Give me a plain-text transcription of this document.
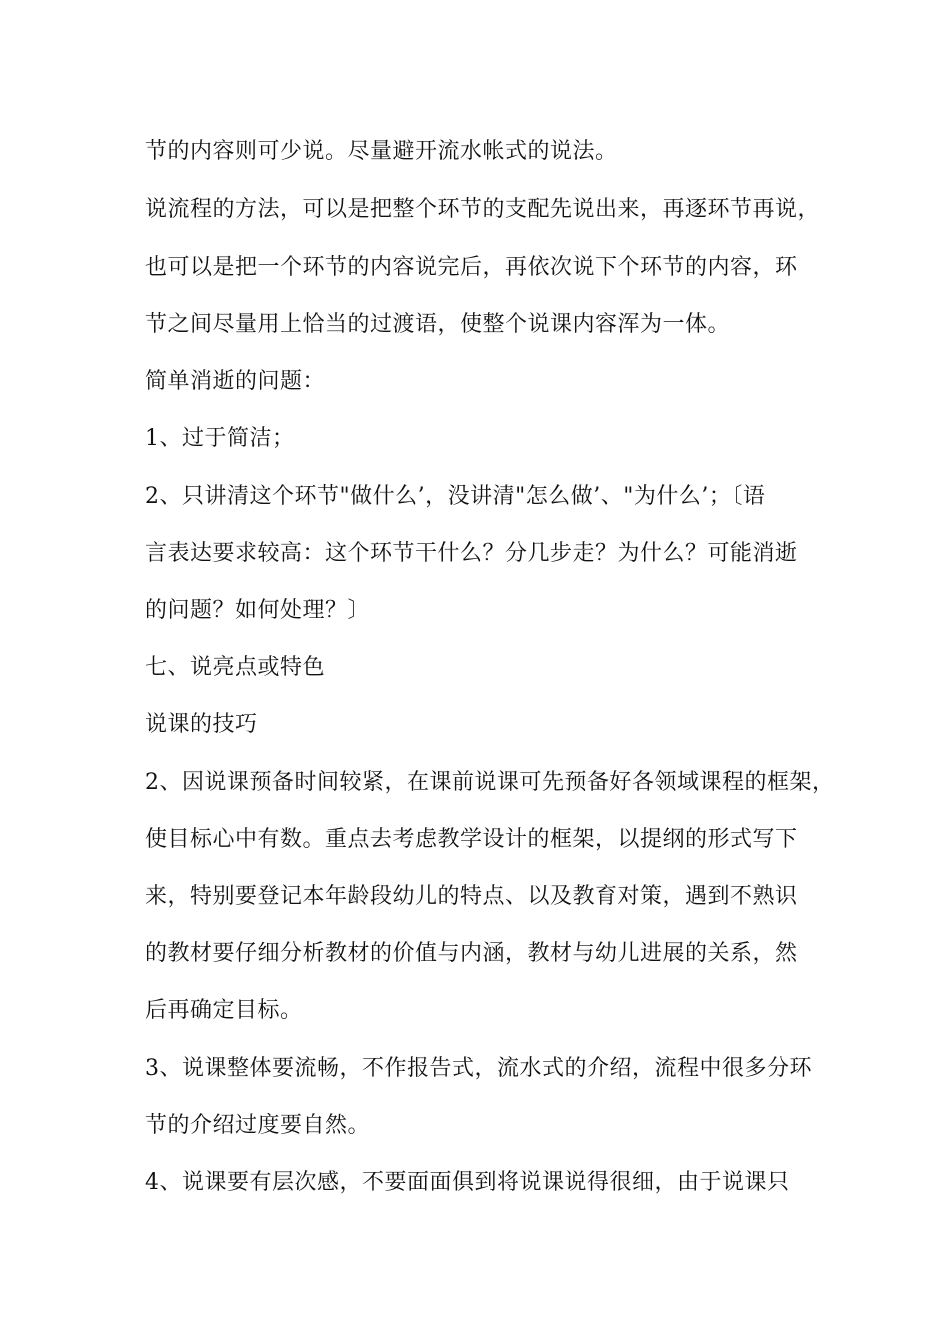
节的内容则可少说。尽量避开流水帐式的说法。
说流程的方法，可以是把整个环节的支配先说出来，再逐环节再说，
也可以是把一个环节的内容说完后，再依次说下个环节的内容，环
节之间尽量用上恰当的过渡语，使整个说课内容浑为一体。
简单消逝的问题：
1、过于简洁；
2、只讲清这个环节"做什么’，没讲清"怎么做’、"为什么’；〔语
言表达要求较高：这个环节干什么？分几步走？为什么？可能消逝
的问题？如何处理？〕
七、说亮点或特色
说课的技巧
2、因说课预备时间较紧，在课前说课可先预备好各领域课程的框架，
使目标心中有数。重点去考虑教学设计的框架，以提纲的形式写下
来，特别要登记本年龄段幼儿的特点、以及教育对策，遇到不熟识
的教材要仔细分析教材的价值与内涵，教材与幼儿进展的关系，然
后再确定目标。
3、说课整体要流畅，不作报告式，流水式的介绍，流程中很多分环
节的介绍过度要自然。
4、说课要有层次感，不要面面俱到将说课说得很细，由于说课只
